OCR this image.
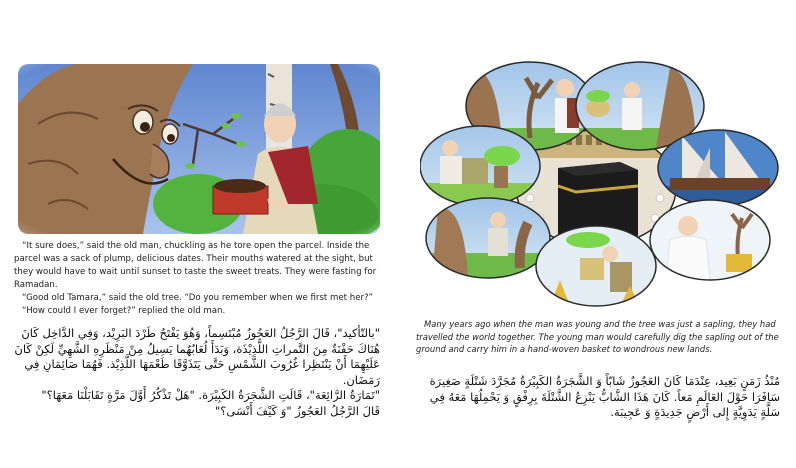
“It sure does,” said the old man, chuckling as he tore open the parcel. Inside the parcel was a sack of plump, delicious dates. Their mouths watered at the sight, but they would have to wait until sunset to taste the sweet treats. They were fasting for Ramadan.

“Good old Tamara,” said the old tree. “Do you remember when we first met her?”

“How could I ever forget?” replied the old man.

"بالتّأكيد"، قَالَ الرَّجُلُ العَجُوزُ مُبْتَسِماً، وَهُوَ يَفْتَحُ طَرْدَ البَرِيْد، وَفِي الدَّاخِل كَانَ هُنَاكَ حَفْنَةٌ مِنَ التَّمراتِ اللَّذِيْذَة، وَبَدَأَ لُعَابُهُما يَسِيلُ مِنْ مَنْظَرِهِ الشَّهِيِّ لَكِنْ كَانَ عَلَيْهِمَا أَنْ يَنْتَظِرا غُرُوبَ الشَّمْسِ حَتَّى يَتَذَوَّقَا طَعْمَهَا اللَّذِيْذ. فَهُمَا صَائِمَانِ فِي رَمَضَان.

"تَمَارَةُ الرَّائِعَة"، قَالَتِ الشَّجَرَةُ الكَبِيْرَة. "هَلْ تَذْكُرُ أَوَّلَ مَرَّةٍ تَقَابَلْنَا مَعَهَا؟"

قَالَ الرَّجُلُ العَجُوزُ "وَ كَيْفَ أَنْسَى؟"

Many years ago when the man was young and the tree was just a sapling, they had travelled the world together. The young man would carefully dig the sapling out of the ground and carry him in a hand-woven basket to wondrous new lands.

مُنْذُ زَمَنٍ بَعِيد، عِنْدَمَا كَانَ العَجُوزُ شَابّاً وَ الشَّجَرَةُ الكَبِيْرَةُ مُجَرَّدَ شَتْلَةٍ صَغِيرَة سَافَرَا حَوْلَ العَالَمِ مَعاً. كَانَ هَذَا الشَّابُّ يَنْزِعُ الشَّتْلَةَ بِرِفْقٍ وَ يَحْمِلُهَا مَعَهُ فِي سَلَّةٍ يَدَوِيَّةٍ إِلى أَرْضٍ جَدِيدَةٍ وَ عَجِيبَة.
